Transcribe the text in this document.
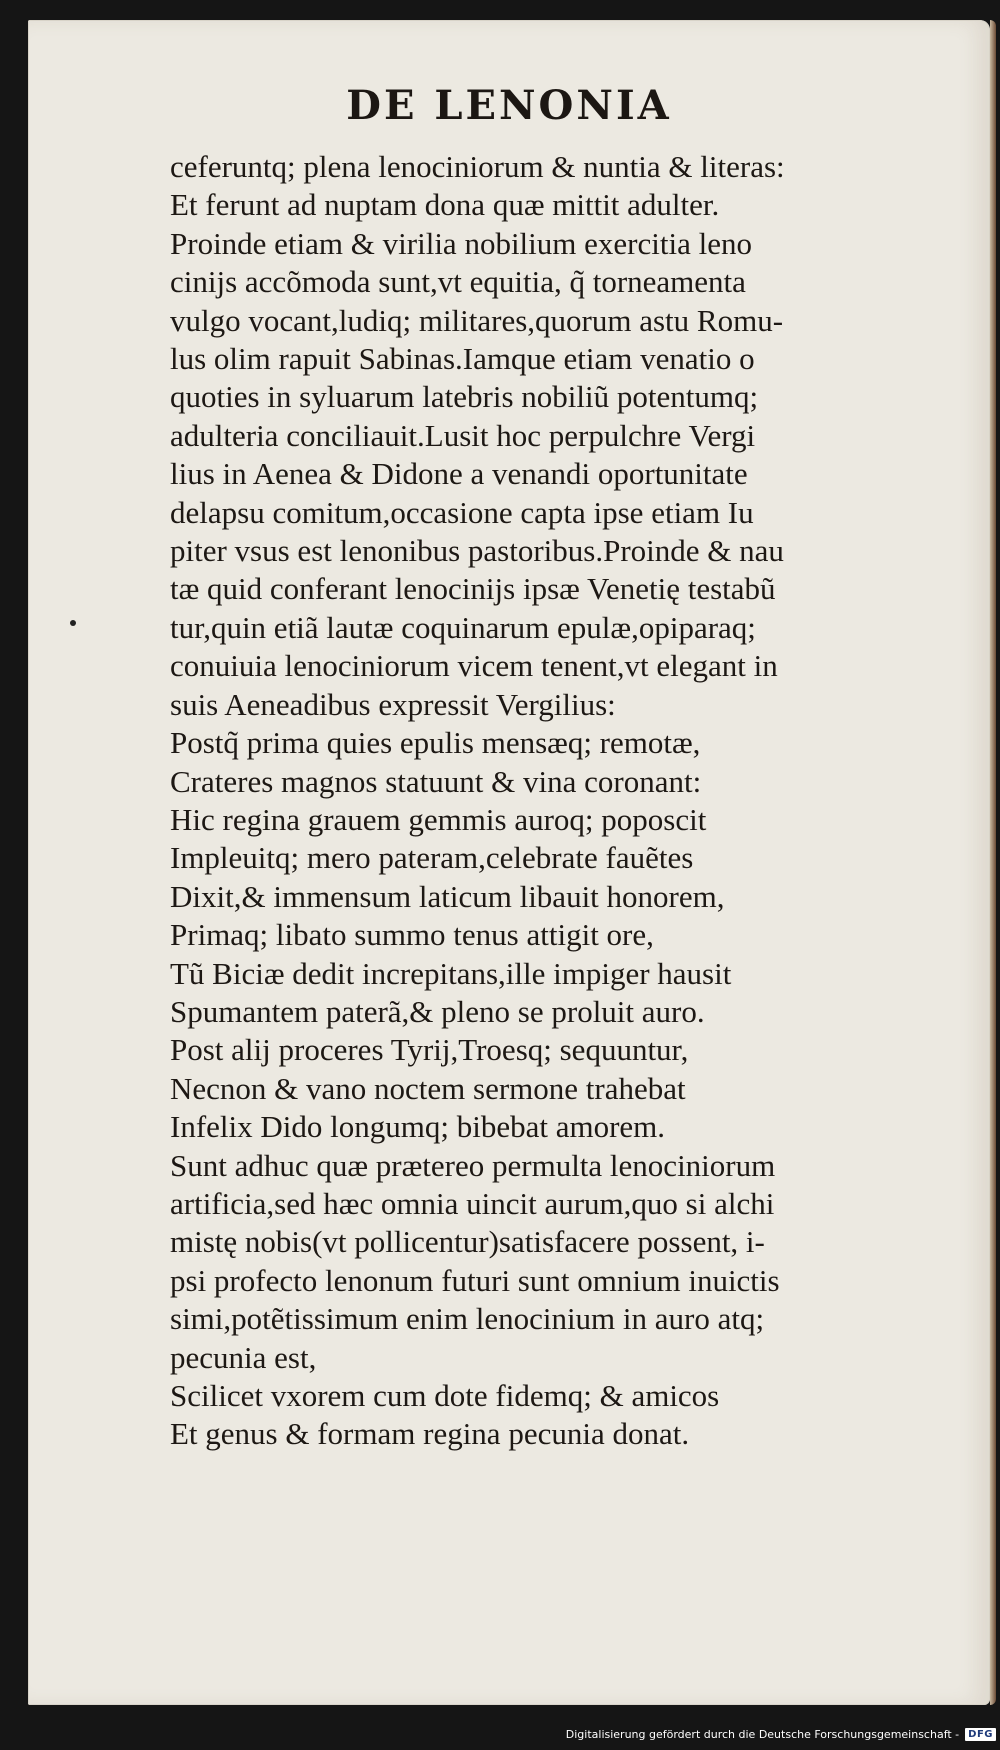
DE LENONIA
ceferuntq; plena lenociniorum & nuntia & literas:
Et ferunt ad nuptam dona quæ mittit adulter.
Proinde etiam & virilia nobilium exercitia leno
cinijs accõmoda sunt,vt equitia, q̃ torneamenta
vulgo vocant,ludiq; militares,quorum astu Romu-
lus olim rapuit Sabinas.Iamque etiam venatio o
quoties in syluarum latebris nobiliũ potentumq;
adulteria conciliauit.Lusit hoc perpulchre Vergi
lius in Aenea & Didone a venandi oportunitate
delapsu comitum,occasione capta ipse etiam Iu
piter vsus est lenonibus pastoribus.Proinde & nau
tæ quid conferant lenocinijs ipsæ Venetię testabũ
tur,quin etiã lautæ coquinarum epulæ,opiparaq;
conuiuia lenociniorum vicem tenent,vt elegant in
suis Aeneadibus expressit Vergilius:
Postq̃ prima quies epulis mensæq; remotæ,
Crateres magnos statuunt & vina coronant:
Hic regina grauem gemmis auroq; poposcit
Impleuitq; mero pateram,celebrate fauẽtes
Dixit,& immensum laticum libauit honorem,
Primaq; libato summo tenus attigit ore,
Tũ Biciæ dedit increpitans,ille impiger hausit
Spumantem paterã,& pleno se proluit auro.
Post alij proceres Tyrij,Troesq; sequuntur,
Necnon & vano noctem sermone trahebat
Infelix Dido longumq; bibebat amorem.
Sunt adhuc quæ prætereo permulta lenociniorum
artificia,sed hæc omnia uincit aurum,quo si alchi
mistę nobis(vt pollicentur)satisfacere possent, i-
psi profecto lenonum futuri sunt omnium inuictis
simi,potẽtissimum enim lenocinium in auro atq;
pecunia est,
Scilicet vxorem cum dote fidemq; & amicos
Et genus & formam regina pecunia donat.
Digitalisierung gefördert durch die Deutsche Forschungsgemeinschaft - DFG
